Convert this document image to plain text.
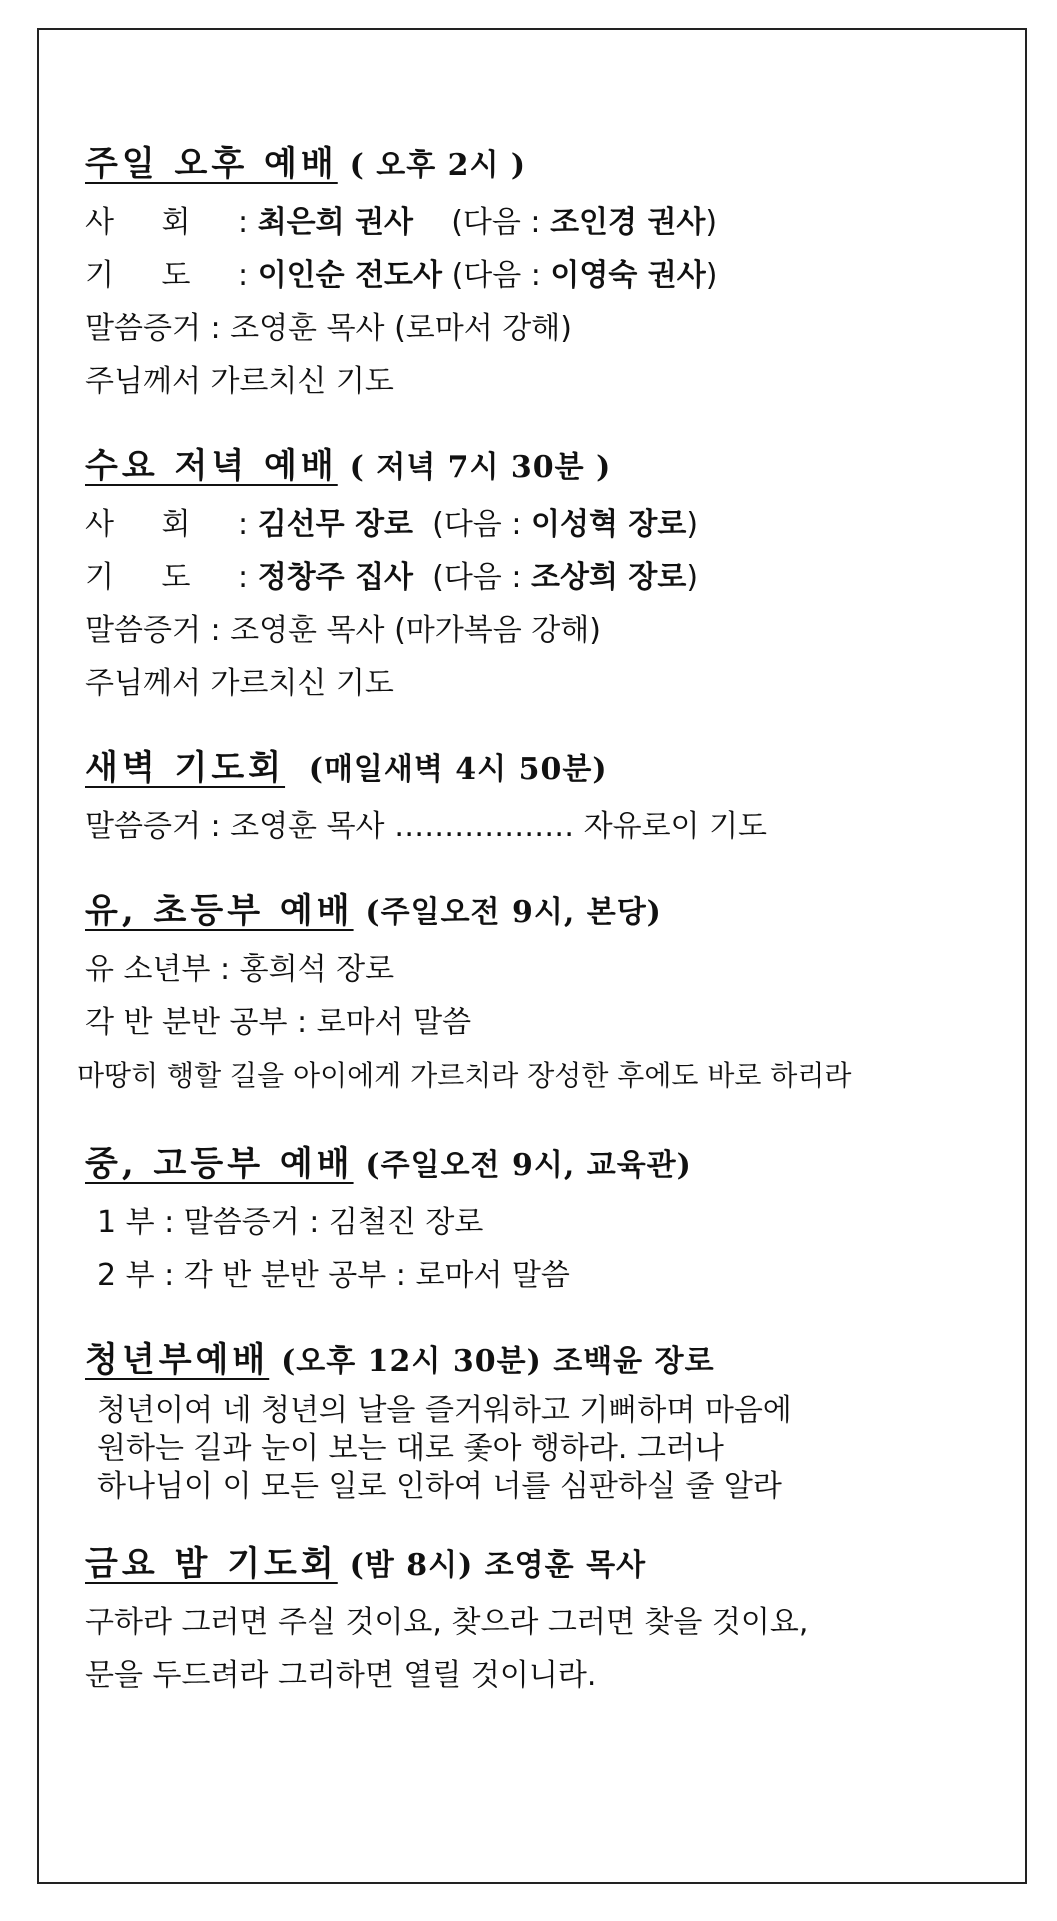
주일 오후 예배 ( 오후 2시 )
사 회 : 최은희 권사 (다음 : 조인경 권사)
기 도 : 이인순 전도사 (다음 : 이영숙 권사)
말씀증거 : 조영훈 목사 (로마서 강해)
주님께서 가르치신 기도
수요 저녁 예배 ( 저녁 7시 30분 )
사 회 : 김선무 장로 (다음 : 이성혁 장로)
기 도 : 정창주 집사 (다음 : 조상희 장로)
말씀증거 : 조영훈 목사 (마가복음 강해)
주님께서 가르치신 기도
새벽 기도회 (매일새벽 4시 50분)
말씀증거 : 조영훈 목사 ……………… 자유로이 기도
유, 초등부 예배 (주일오전 9시, 본당)
유 소년부 : 홍희석 장로
각 반 분반 공부 : 로마서 말씀
마땅히 행할 길을 아이에게 가르치라 장성한 후에도 바로 하리라
중, 고등부 예배 (주일오전 9시, 교육관)
1 부 : 말씀증거 : 김철진 장로
2 부 : 각 반 분반 공부 : 로마서 말씀
청년부예배 (오후 12시 30분) 조백윤 장로
청년이여 네 청년의 날을 즐거워하고 기뻐하며 마음에
원하는 길과 눈이 보는 대로 좇아 행하라. 그러나
하나님이 이 모든 일로 인하여 너를 심판하실 줄 알라
금요 밤 기도회 (밤 8시) 조영훈 목사
구하라 그러면 주실 것이요, 찾으라 그러면 찾을 것이요,
문을 두드려라 그리하면 열릴 것이니라.
